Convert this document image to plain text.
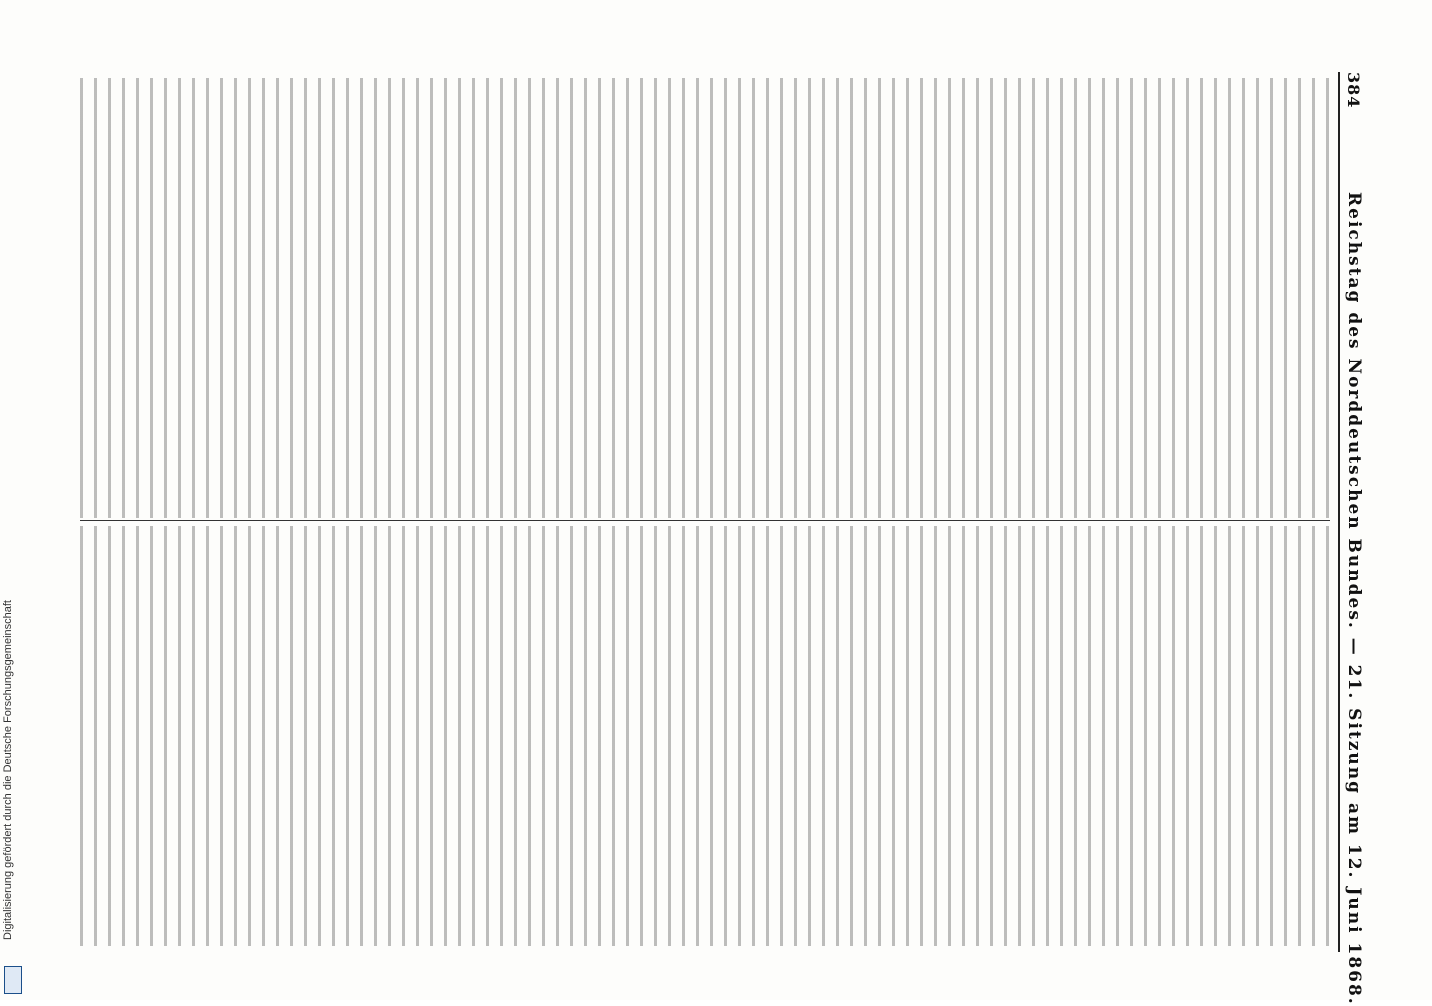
384
Reichstag des Norddeutschen Bundes. — 21. Sitzung am 12. Juni 1868.
Digitalisierung gefördert durch die Deutsche Forschungsgemeinschaft
